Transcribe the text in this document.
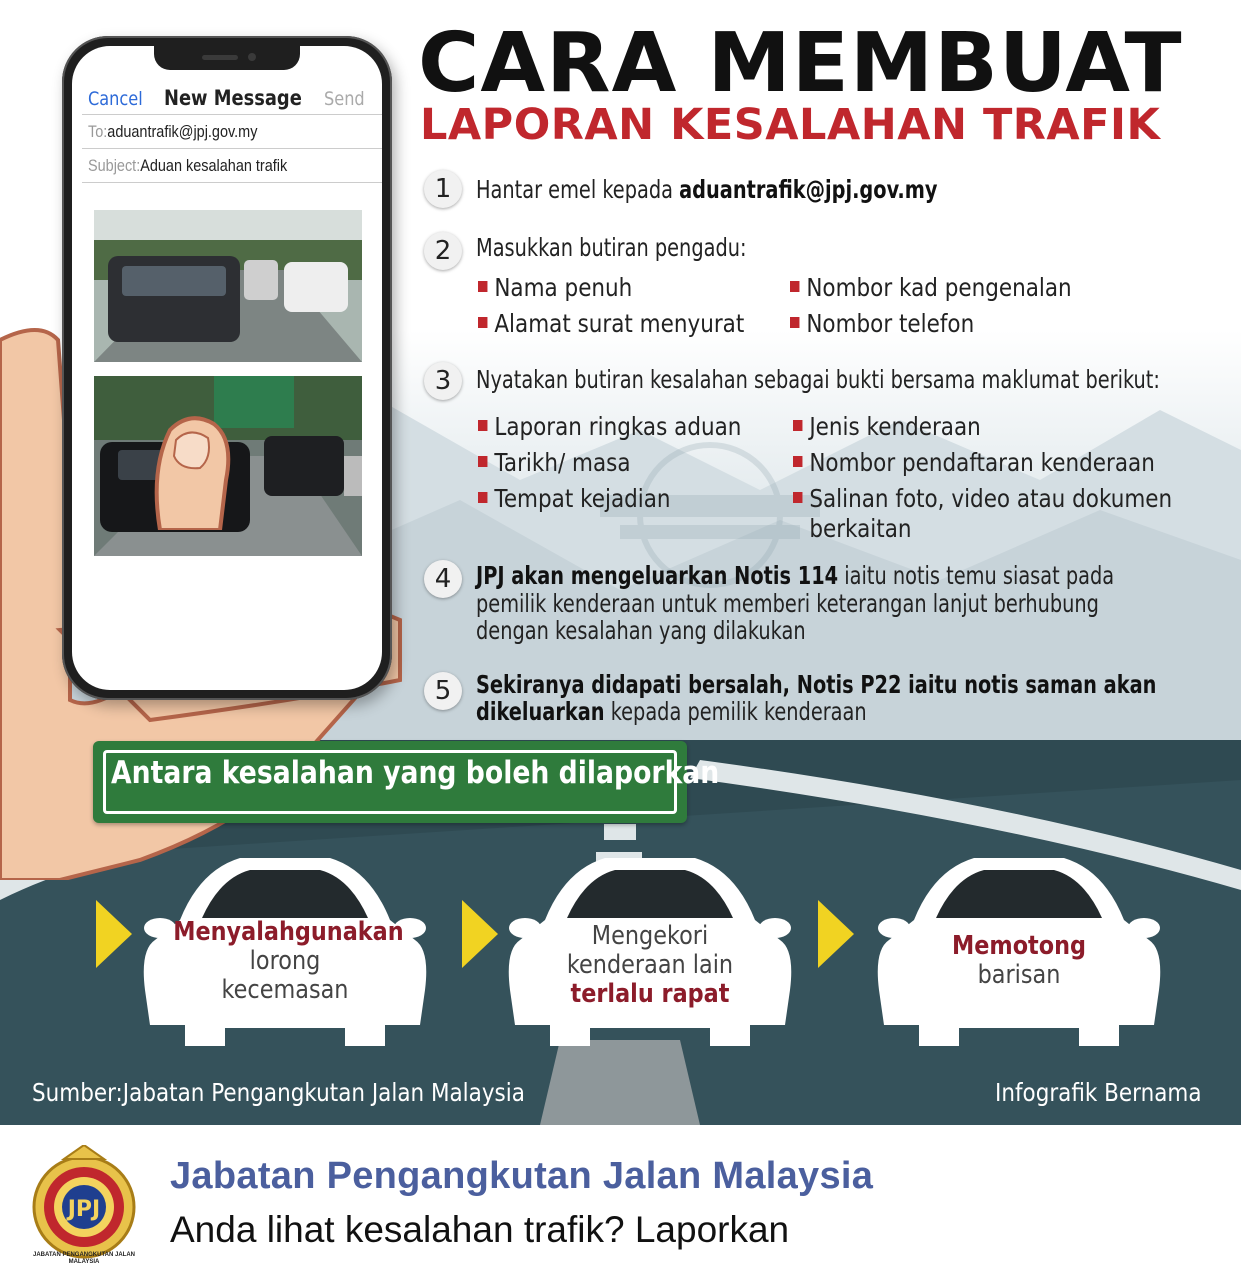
CARA MEMBUAT
LAPORAN KESALAHAN TRAFIK
1 Hantar emel kepada aduantrafik@jpj.gov.my
2 Masukkan butiran pengadu:
Nama penuh
Alamat surat menyurat
Nombor kad pengenalan
Nombor telefon
3 Nyatakan butiran kesalahan sebagai bukti bersama maklumat berikut:
Laporan ringkas aduan
Tarikh/ masa
Tempat kejadian
Jenis kenderaan
Nombor pendaftaran kenderaan
Salinan foto, video atau dokumen
berkaitan
4 JPJ akan mengeluarkan Notis 114 iaitu notis temu siasat pada
pemilik kenderaan untuk memberi keterangan lanjut berhubung
dengan kesalahan yang dilakukan
5 Sekiranya didapati bersalah, Notis P22 iaitu notis saman akan
dikeluarkan kepada pemilik kenderaan
Cancel New Message Send
To:aduantrafik@jpj.gov.my
Subject:Aduan kesalahan trafik
Antara kesalahan yang boleh dilaporkan
Menyalahgunakan
lorong
kecemasan
Mengekori
kenderaan lain
terlalu rapat
Memotong
barisan
Sumber:Jabatan Pengangkutan Jalan Malaysia	Infografik Bernama
JPJ
JABATAN PENGANGKUTAN JALAN MALAYSIA
Jabatan Pengangkutan Jalan Malaysia
Anda lihat kesalahan trafik? Laporkan
